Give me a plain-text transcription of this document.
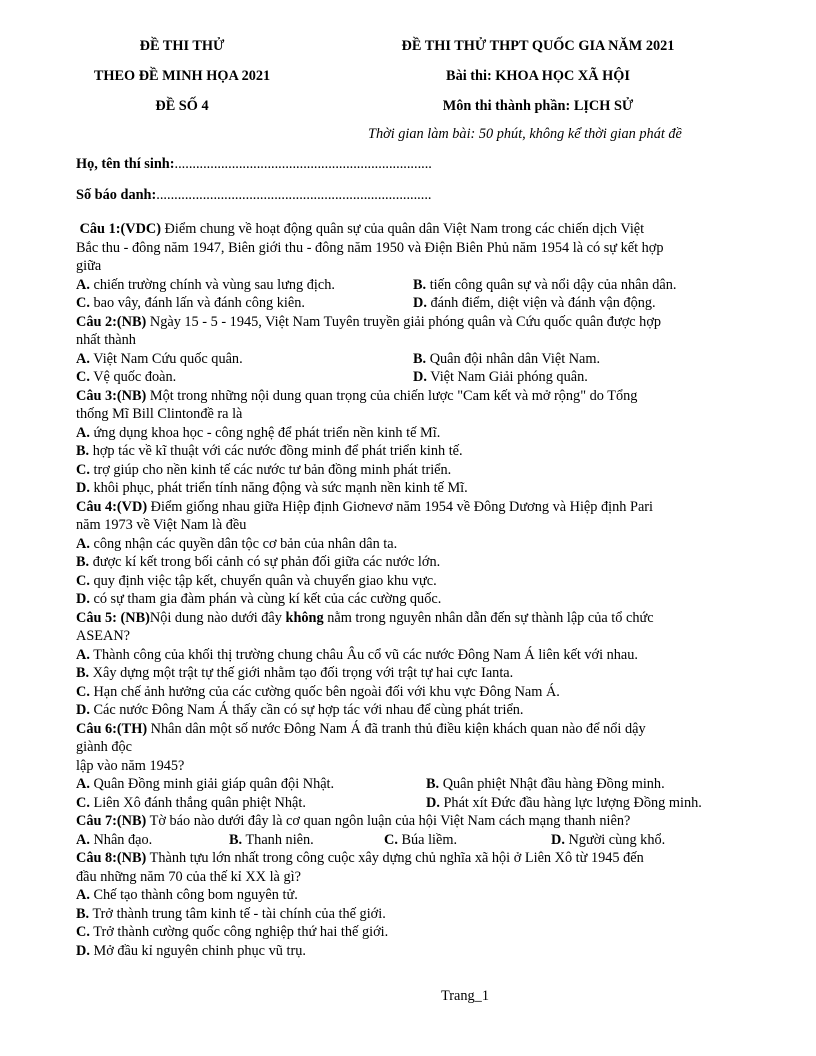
ĐỀ THI THỬ
THEO ĐỀ MINH HỌA 2021
ĐỀ SỐ 4
ĐỀ THI THỬ THPT QUỐC GIA NĂM 2021
Bài thi: KHOA HỌC XÃ HỘI
Môn thi thành phần: LỊCH SỬ
Thời gian làm bài: 50 phút, không kể thời gian phát đề
Họ, tên thí sinh:........................................................................
Số báo danh:.............................................................................

Câu 1:(VDC) Điểm chung về hoạt động quân sự của quân dân Việt Nam trong các chiến dịch Việt

Bắc thu - đông năm 1947, Biên giới thu - đông năm 1950 và Điện Biên Phủ năm 1954 là có sự kết hợp

giữa

A. chiến trường chính và vùng sau lưng địch.	B. tiến công quân sự và nổi dậy của nhân dân.
C. bao vây, đánh lấn và đánh công kiên.	D. đánh điểm, diệt viện và đánh vận động.

Câu 2:(NB) Ngày 15 - 5 - 1945, Việt Nam Tuyên truyền giải phóng quân và Cứu quốc quân được hợp

nhất thành

A. Việt Nam Cứu quốc quân.	B. Quân đội nhân dân Việt Nam.
C. Vệ quốc đoàn.	D. Việt Nam Giải phóng quân.

Câu 3:(NB) Một trong những nội dung quan trọng của chiến lược "Cam kết và mở rộng" do Tổng

thống Mĩ Bill Clintonđề ra là

A. ứng dụng khoa học - công nghệ để phát triển nền kinh tế Mĩ.

B. hợp tác về kĩ thuật với các nước đồng minh để phát triển kinh tế.

C. trợ giúp cho nền kinh tế các nước tư bản đồng minh phát triển.

D. khôi phục, phát triển tính năng động và sức mạnh nền kinh tế Mĩ.

Câu 4:(VD) Điểm giống nhau giữa Hiệp định Giơnevơ năm 1954 về Đông Dương và Hiệp định Pari

năm 1973 về Việt Nam là đều

A. công nhận các quyền dân tộc cơ bản của nhân dân ta.

B. được kí kết trong bối cảnh có sự phản đối giữa các nước lớn.

C. quy định việc tập kết, chuyển quân và chuyển giao khu vực.

D. có sự tham gia đàm phán và cùng kí kết của các cường quốc.

Câu 5: (NB)Nội dung nào dưới đây không nằm trong nguyên nhân dẫn đến sự thành lập của tổ chức

ASEAN?

A. Thành công của khối thị trường chung châu Âu cổ vũ các nước Đông Nam Á liên kết với nhau.

B. Xây dựng một trật tự thế giới nhằm tạo đối trọng với trật tự hai cực Ianta.

C. Hạn chế ảnh hưởng của các cường quốc bên ngoài đối với khu vực Đông Nam Á.

D. Các nước Đông Nam Á thấy cần có sự hợp tác với nhau để cùng phát triển.

Câu 6:(TH) Nhân dân một số nước Đông Nam Á đã tranh thủ điều kiện khách quan nào để nổi dậy

giành độc

lập vào năm 1945?

A. Quân Đồng minh giải giáp quân đội Nhật.	B. Quân phiệt Nhật đầu hàng Đồng minh.
C. Liên Xô đánh thắng quân phiệt Nhật.	D. Phát xít Đức đầu hàng lực lượng Đồng minh.

Câu 7:(NB) Tờ báo nào dưới đây là cơ quan ngôn luận của hội Việt Nam cách mạng thanh niên?

A. Nhân đạo.	B. Thanh niên.	C. Búa liềm.	D. Người cùng khổ.

Câu 8:(NB) Thành tựu lớn nhất trong công cuộc xây dựng chủ nghĩa xã hội ở Liên Xô từ 1945 đến

đầu những năm 70 của thế kỉ XX là gì?

A. Chế tạo thành công bom nguyên tử.

B. Trở thành trung tâm kinh tế - tài chính của thế giới.

C. Trở thành cường quốc công nghiệp thứ hai thế giới.

D. Mở đầu kỉ nguyên chinh phục vũ trụ.

Trang_1
